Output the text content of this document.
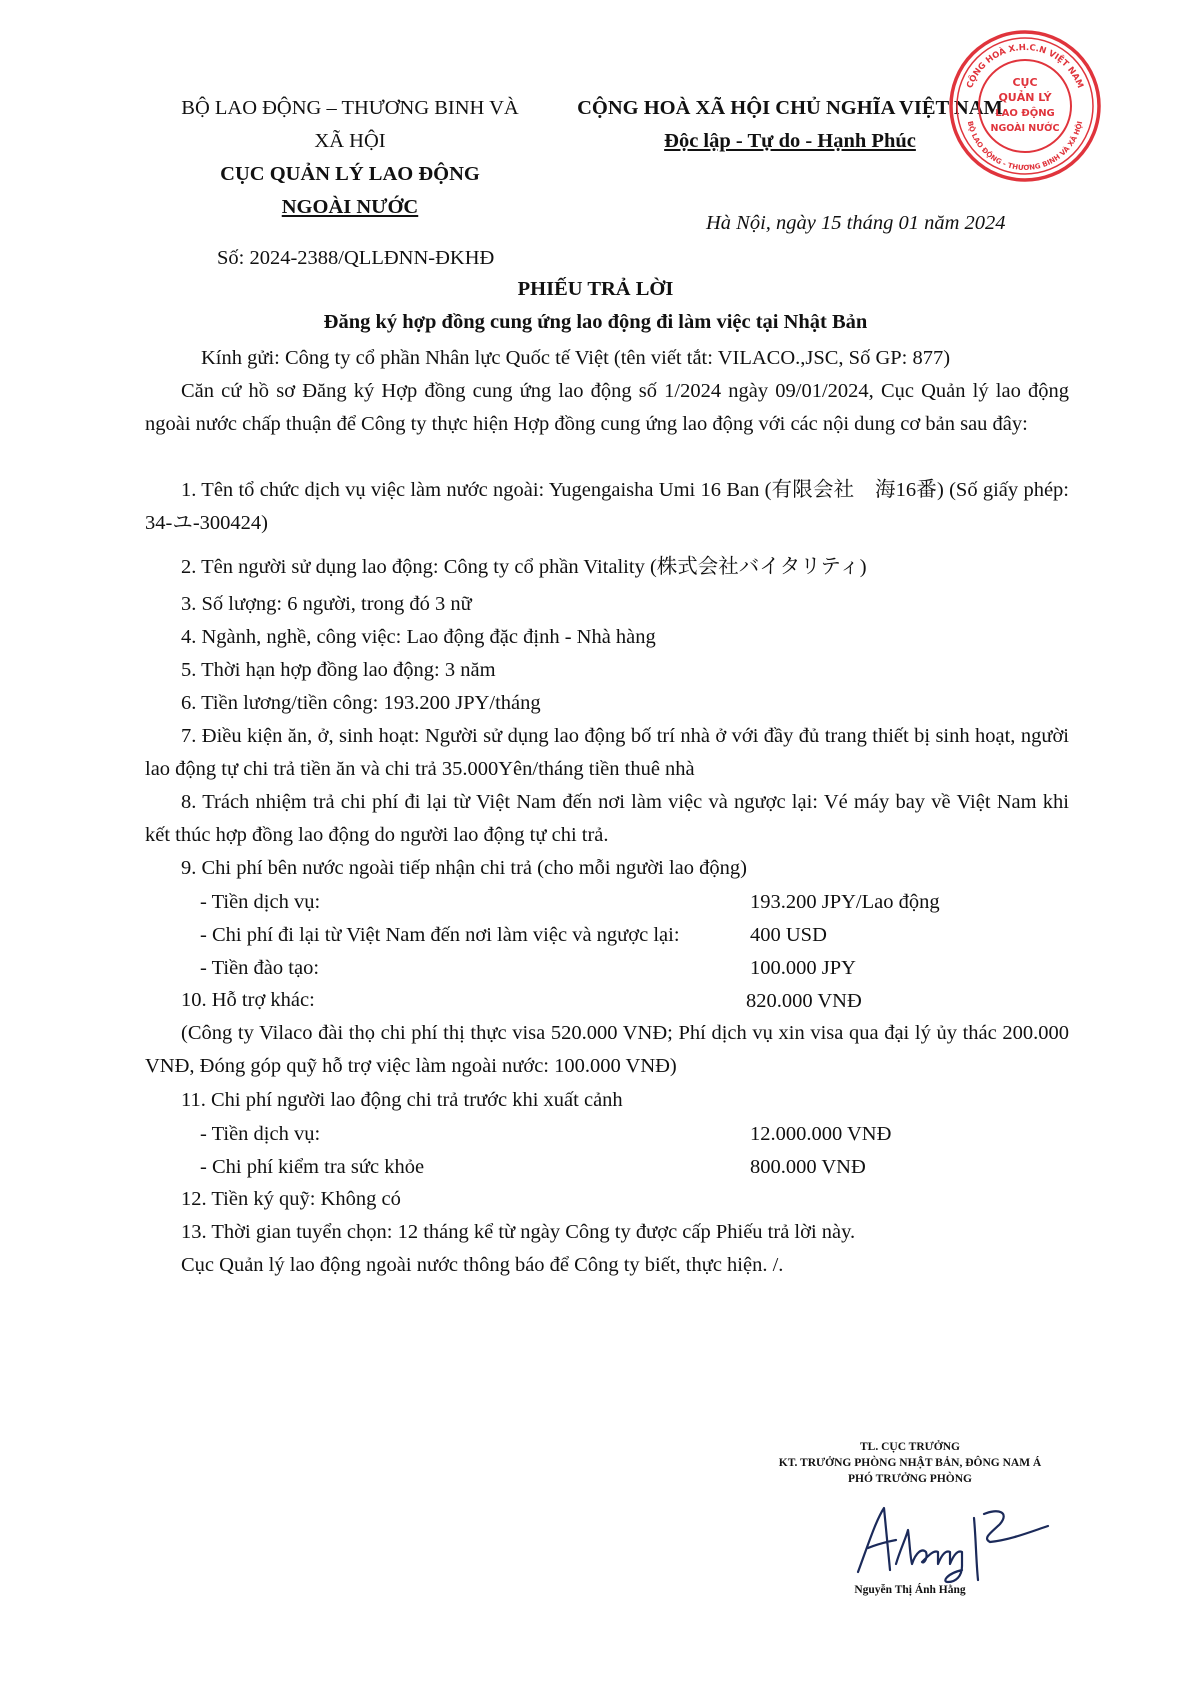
BỘ LAO ĐỘNG – THƯƠNG BINH VÀ
XÃ HỘI
CỤC QUẢN LÝ LAO ĐỘNG
NGOÀI NƯỚC
Số: 2024-2388/QLLĐNN-ĐKHĐ
CỘNG HOÀ XÃ HỘI CHỦ NGHĨA VIỆT NAM
Độc lập - Tự do - Hạnh Phúc
Hà Nội, ngày 15 tháng 01 năm 2024
CỘNG HOÀ X.H.C.N VIỆT NAM
BỘ LAO ĐỘNG - THƯƠNG BINH VÀ XÃ HỘI
CỤC
QUẢN LÝ
LAO ĐỘNG
NGOÀI NƯỚC
PHIẾU TRẢ LỜI
Đăng ký hợp đồng cung ứng lao động đi làm việc tại Nhật Bản
Kính gửi: Công ty cổ phần Nhân lực Quốc tế Việt (tên viết tắt: VILACO.,JSC, Số GP: 877)
Căn cứ hồ sơ Đăng ký Hợp đồng cung ứng lao động số 1/2024 ngày 09/01/2024, Cục Quản lý lao động ngoài nước chấp thuận để Công ty thực hiện Hợp đồng cung ứng lao động với các nội dung cơ bản sau đây:
1. Tên tổ chức dịch vụ việc làm nước ngoài: Yugengaisha Umi 16 Ban (有限会社　海16番) (Số giấy phép: 34-ユ-300424)
2. Tên người sử dụng lao động: Công ty cổ phần Vitality (株式会社バイタリティ)
3. Số lượng: 6 người, trong đó 3 nữ
4. Ngành, nghề, công việc: Lao động đặc định - Nhà hàng
5. Thời hạn hợp đồng lao động: 3 năm
6. Tiền lương/tiền công: 193.200 JPY/tháng
7. Điều kiện ăn, ở, sinh hoạt: Người sử dụng lao động bố trí nhà ở với đầy đủ trang thiết bị sinh hoạt, người lao động tự chi trả tiền ăn và chi trả 35.000Yên/tháng tiền thuê nhà
8. Trách nhiệm trả chi phí đi lại từ Việt Nam đến nơi làm việc và ngược lại: Vé máy bay về Việt Nam khi kết thúc hợp đồng lao động do người lao động tự chi trả.
9. Chi phí bên nước ngoài tiếp nhận chi trả (cho mỗi người lao động)
- Tiền dịch vụ:	193.200 JPY/Lao động
- Chi phí đi lại từ Việt Nam đến nơi làm việc và ngược lại:	400 USD
- Tiền đào tạo:	100.000 JPY
10. Hỗ trợ khác:	820.000 VNĐ
(Công ty Vilaco đài thọ chi phí thị thực visa 520.000 VNĐ; Phí dịch vụ xin visa qua đại lý ủy thác 200.000 VNĐ, Đóng góp quỹ hỗ trợ việc làm ngoài nước: 100.000 VNĐ)
11. Chi phí người lao động chi trả trước khi xuất cảnh
- Tiền dịch vụ:	12.000.000 VNĐ
- Chi phí kiểm tra sức khỏe	800.000 VNĐ
12. Tiền ký quỹ: Không có
13. Thời gian tuyển chọn: 12 tháng kể từ ngày Công ty được cấp Phiếu trả lời này.
Cục Quản lý lao động ngoài nước thông báo để Công ty biết, thực hiện. /.
TL. CỤC TRƯỞNG
KT. TRƯỞNG PHÒNG NHẬT BẢN, ĐÔNG NAM Á
PHÓ TRƯỞNG PHÒNG
Nguyễn Thị Ánh Hằng
